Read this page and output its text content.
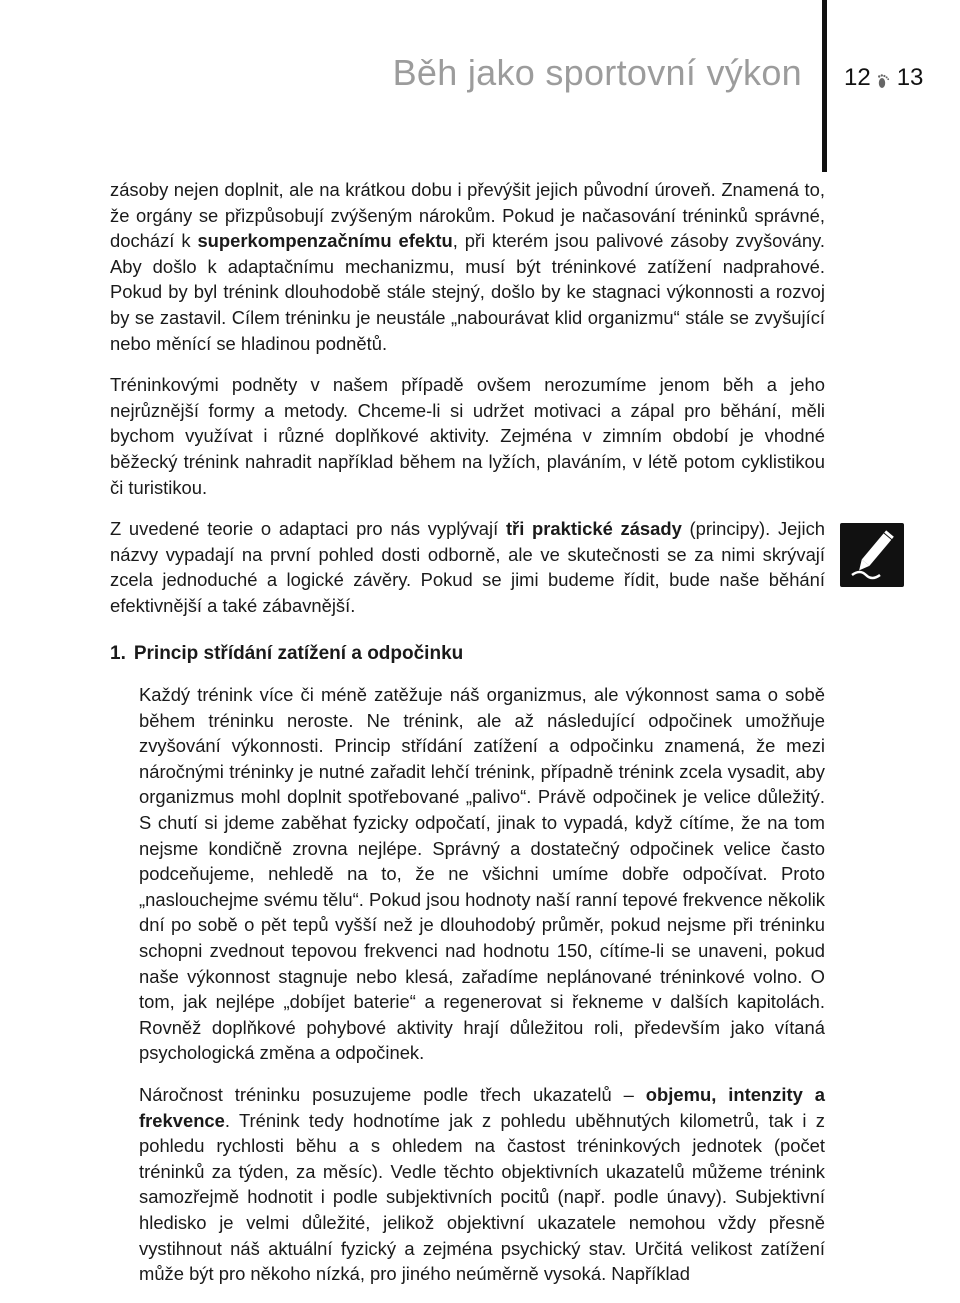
Běh jako sportovní výkon 12 13

zásoby nejen doplnit, ale na krátkou dobu i převýšit jejich původní úroveň. Znamená to, že orgány se přizpůsobují zvýšeným nárokům. Pokud je načasování tréninků správné, dochází k superkompenzačnímu efektu, při kterém jsou palivové zásoby zvyšovány. Aby došlo k adaptačnímu mechanizmu, musí být tréninkové zatížení nadprahové. Pokud by byl trénink dlouhodobě stále stejný, došlo by ke stagnaci výkonnosti a rozvoj by se zastavil. Cílem tréninku je neustále „nabourávat klid organizmu“ stále se zvyšující nebo měnící se hladinou podnětů.

Tréninkovými podněty v našem případě ovšem nerozumíme jenom běh a jeho nejrůznější formy a metody. Chceme-li si udržet motivaci a zápal pro běhání, měli bychom využívat i různé doplňkové aktivity. Zejména v zimním období je vhodné běžecký trénink nahradit například během na lyžích, plaváním, v létě potom cyklistikou či turistikou.

Z uvedené teorie o adaptaci pro nás vyplývají tři praktické zásady (principy). Jejich názvy vypadají na první pohled dosti odborně, ale ve skutečnosti se za nimi skrývají zcela jednoduché a logické závěry. Pokud se jimi budeme řídit, bude naše běhání efektivnější a také zábavnější.

1. Princip střídání zatížení a odpočinku

Každý trénink více či méně zatěžuje náš organizmus, ale výkonnost sama o sobě během tréninku neroste. Ne trénink, ale až následující odpočinek umožňuje zvyšování výkonnosti. Princip střídání zatížení a odpočinku znamená, že mezi náročnými tréninky je nutné zařadit lehčí trénink, případně trénink zcela vysadit, aby organizmus mohl doplnit spotřebované „palivo“. Právě odpočinek je velice důležitý. S chutí si jdeme zaběhat fyzicky odpočatí, jinak to vypadá, když cítíme, že na tom nejsme kondičně zrovna nejlépe. Správný a dostatečný odpočinek velice často podceňujeme, nehledě na to, že ne všichni umíme dobře odpočívat. Proto „naslouchejme svému tělu“. Pokud jsou hodnoty naší ranní tepové frekvence několik dní po sobě o pět tepů vyšší než je dlouhodobý průměr, pokud nejsme při tréninku schopni zvednout tepovou frekvenci nad hodnotu 150, cítíme-li se unaveni, pokud naše výkonnost stagnuje nebo klesá, zařadíme neplánované tréninkové volno. O tom, jak nejlépe „dobíjet baterie“ a regenerovat si řekneme v dalších kapitolách. Rovněž doplňkové pohybové aktivity hrají důležitou roli, především jako vítaná psychologická změna a odpočinek.

Náročnost tréninku posuzujeme podle třech ukazatelů – objemu, intenzity a frekvence. Trénink tedy hodnotíme jak z pohledu uběhnutých kilometrů, tak i z pohledu rychlosti běhu a s ohledem na častost tréninkových jednotek (počet tréninků za týden, za měsíc). Vedle těchto objektivních ukazatelů můžeme trénink samozřejmě hodnotit i podle subjektivních pocitů (např. podle únavy). Subjektivní hledisko je velmi důležité, jelikož objektivní ukazatele nemohou vždy přesně vystihnout náš aktuální fyzický a zejména psychický stav. Určitá velikost zatížení může být pro někoho nízká, pro jiného neúměrně vysoká. Například
